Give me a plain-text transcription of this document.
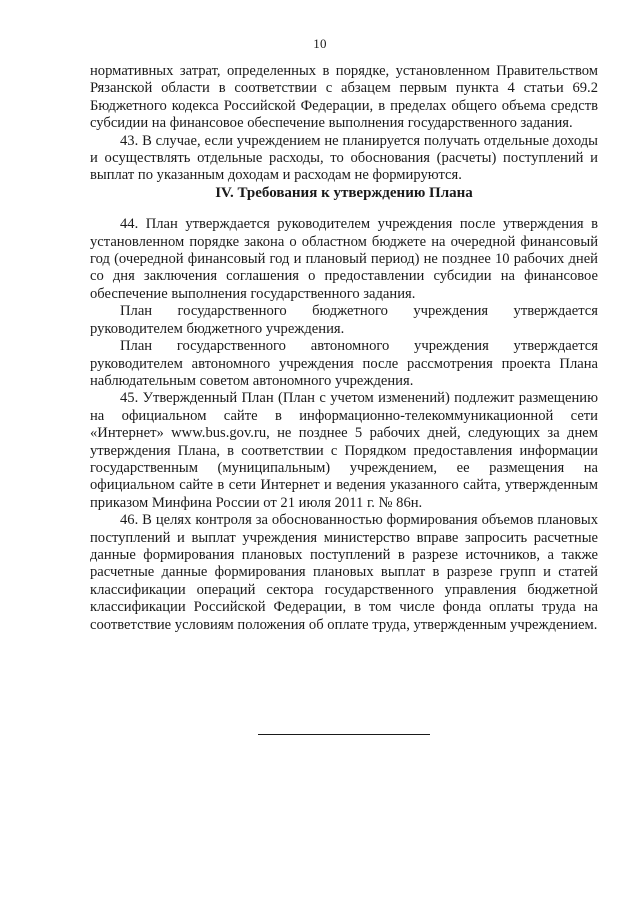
10

нормативных затрат, определенных в порядке, установленном Правительством Рязанской области в соответствии с абзацем первым пункта 4 статьи 69.2 Бюджетного кодекса Российской Федерации, в пределах общего объема средств субсидии на финансовое обеспечение выполнения государственного задания.

43. В случае, если учреждением не планируется получать отдельные доходы и осуществлять отдельные расходы, то обоснования (расчеты) поступлений и выплат по указанным доходам и расходам не формируются.

IV. Требования к утверждению Плана

44. План утверждается руководителем учреждения после утверждения в установленном порядке закона о областном бюджете на очередной финансовый год (очередной финансовый год и плановый период) не позднее 10 рабочих дней со дня заключения соглашения о предоставлении субсидии на финансовое обеспечение выполнения государственного задания.

План государственного бюджетного учреждения утверждается руководителем бюджетного учреждения.

План государственного автономного учреждения утверждается руководителем автономного учреждения после рассмотрения проекта Плана наблюдательным советом автономного учреждения.

45. Утвержденный План (План с учетом изменений) подлежит размещению на официальном сайте в информационно-телекоммуникационной сети «Интернет» www.bus.gov.ru, не позднее 5 рабочих дней, следующих за днем утверждения Плана, в соответствии с Порядком предоставления информации государственным (муниципальным) учреждением, ее размещения на официальном сайте в сети Интернет и ведения указанного сайта, утвержденным приказом Минфина России от 21 июля 2011 г. № 86н.

46. В целях контроля за обоснованностью формирования объемов плановых поступлений и выплат учреждения министерство вправе запросить расчетные данные формирования плановых поступлений в разрезе источников, а также расчетные данные формирования плановых выплат в разрезе групп и статей классификации операций сектора государственного управления бюджетной классификации Российской Федерации, в том числе фонда оплаты труда на соответствие условиям положения об оплате труда, утвержденным учреждением.
